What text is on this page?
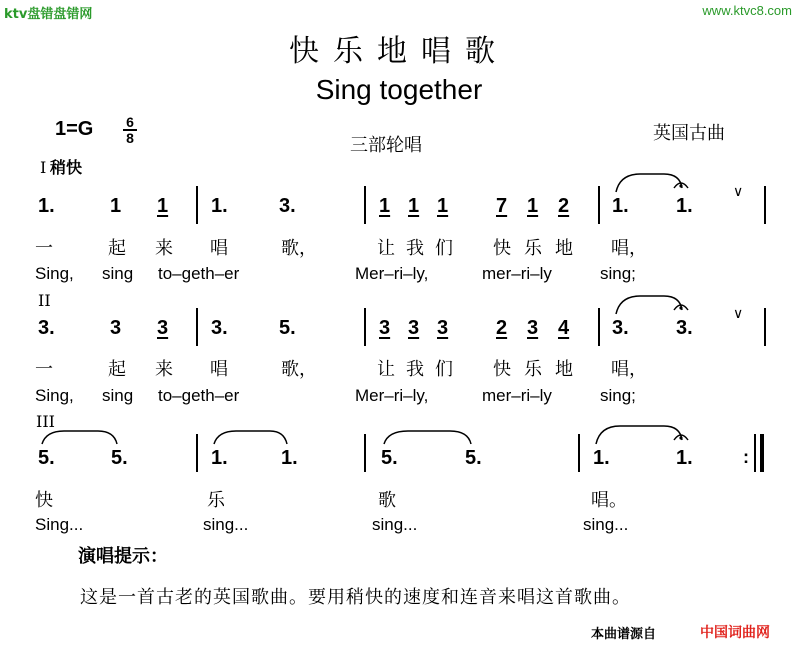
ktv盘错盘错网	www.ktvc8.com
快乐地唱歌
Sing together
1=G 6
8	三部轮唱
英国古曲
I 稍快
1.	1 1 1.	3.	1 1 1 7 1 2 1. 1.
∨
一	起 来 唱	歌，	让 我 们 快 乐 地 唱，
Sing, sing to–geth–er	Mer–ri–ly,	mer–ri–ly	sing;
II
3.	3 3 3.	5.	3 3 3 2 3 4 3. 3.
∨
一	起 来 唱	歌，	让 我 们 快 乐 地 唱，
Sing, sing to–geth–er	Mer–ri–ly,	mer–ri–ly	sing;
III
5.	5.	1.	1.	5.	5.	1.	1.	:
快	乐	歌	唱。
Sing...	sing...	sing...	sing...
演唱提示：
这是一首古老的英国歌曲。要用稍快的速度和连音来唱这首歌曲。
本曲谱源自	中国词曲网
